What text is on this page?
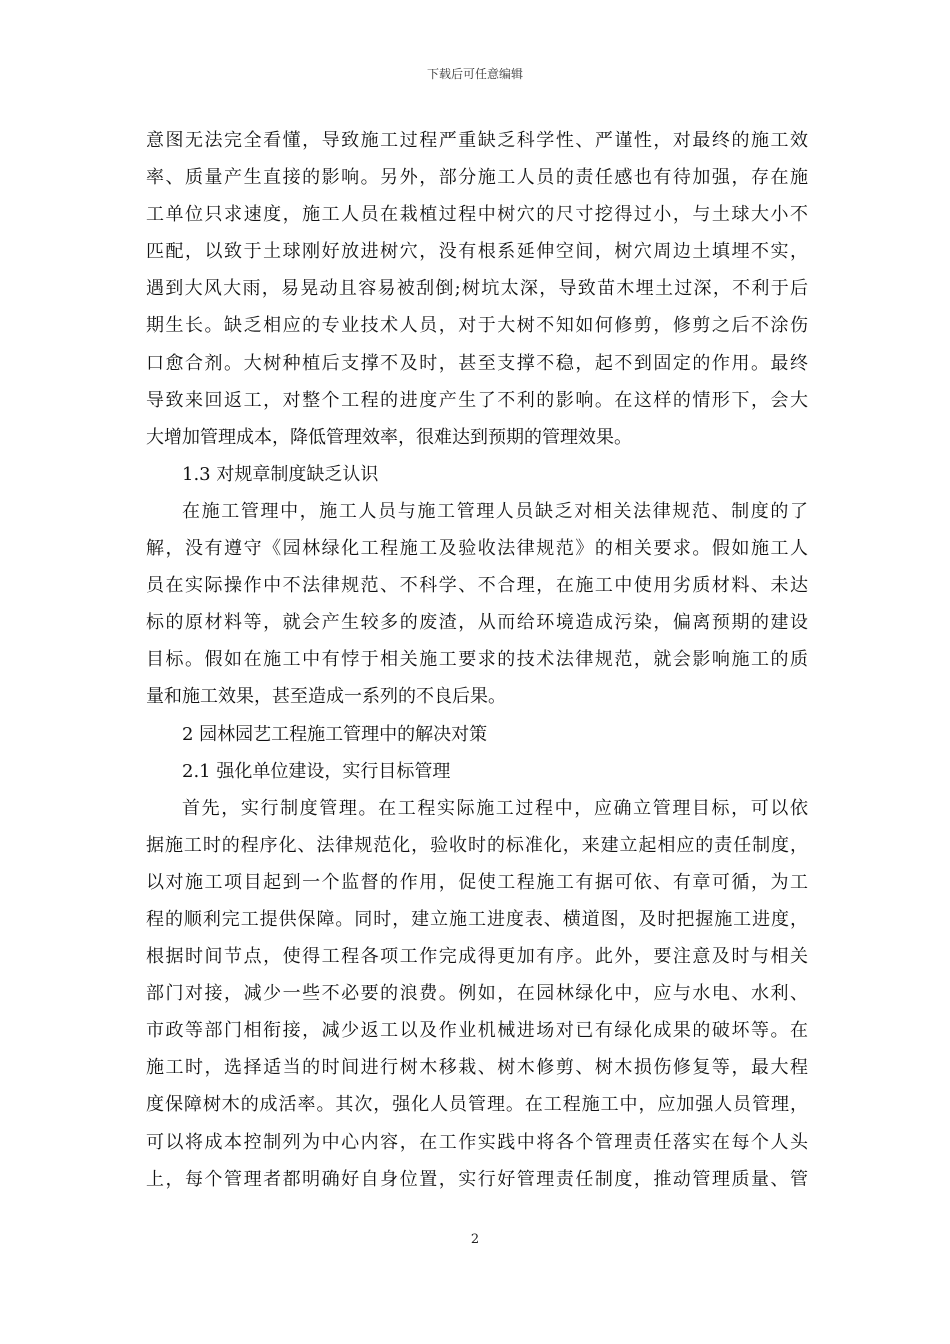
下载后可任意编辑
意图无法完全看懂，导致施工过程严重缺乏科学性、严谨性，对最终的施工效
率、质量产生直接的影响。另外，部分施工人员的责任感也有待加强，存在施
工单位只求速度，施工人员在栽植过程中树穴的尺寸挖得过小，与土球大小不
匹配，以致于土球刚好放进树穴，没有根系延伸空间，树穴周边土填埋不实，
遇到大风大雨，易晃动且容易被刮倒;树坑太深，导致苗木埋土过深，不利于后
期生长。缺乏相应的专业技术人员，对于大树不知如何修剪，修剪之后不涂伤
口愈合剂。大树种植后支撑不及时，甚至支撑不稳，起不到固定的作用。最终
导致来回返工，对整个工程的进度产生了不利的影响。在这样的情形下，会大
大增加管理成本，降低管理效率，很难达到预期的管理效果。
1.3 对规章制度缺乏认识
在施工管理中，施工人员与施工管理人员缺乏对相关法律规范、制度的了
解，没有遵守《园林绿化工程施工及验收法律规范》的相关要求。假如施工人
员在实际操作中不法律规范、不科学、不合理，在施工中使用劣质材料、未达
标的原材料等，就会产生较多的废渣，从而给环境造成污染，偏离预期的建设
目标。假如在施工中有悖于相关施工要求的技术法律规范，就会影响施工的质
量和施工效果，甚至造成一系列的不良后果。
2 园林园艺工程施工管理中的解决对策
2.1 强化单位建设，实行目标管理
首先，实行制度管理。在工程实际施工过程中，应确立管理目标，可以依
据施工时的程序化、法律规范化，验收时的标准化，来建立起相应的责任制度，
以对施工项目起到一个监督的作用，促使工程施工有据可依、有章可循，为工
程的顺利完工提供保障。同时，建立施工进度表、横道图，及时把握施工进度，
根据时间节点，使得工程各项工作完成得更加有序。此外，要注意及时与相关
部门对接，减少一些不必要的浪费。例如，在园林绿化中，应与水电、水利、
市政等部门相衔接，减少返工以及作业机械进场对已有绿化成果的破坏等。在
施工时，选择适当的时间进行树木移栽、树木修剪、树木损伤修复等，最大程
度保障树木的成活率。其次，强化人员管理。在工程施工中，应加强人员管理，
可以将成本控制列为中心内容，在工作实践中将各个管理责任落实在每个人头
上，每个管理者都明确好自身位置，实行好管理责任制度，推动管理质量、管
2
